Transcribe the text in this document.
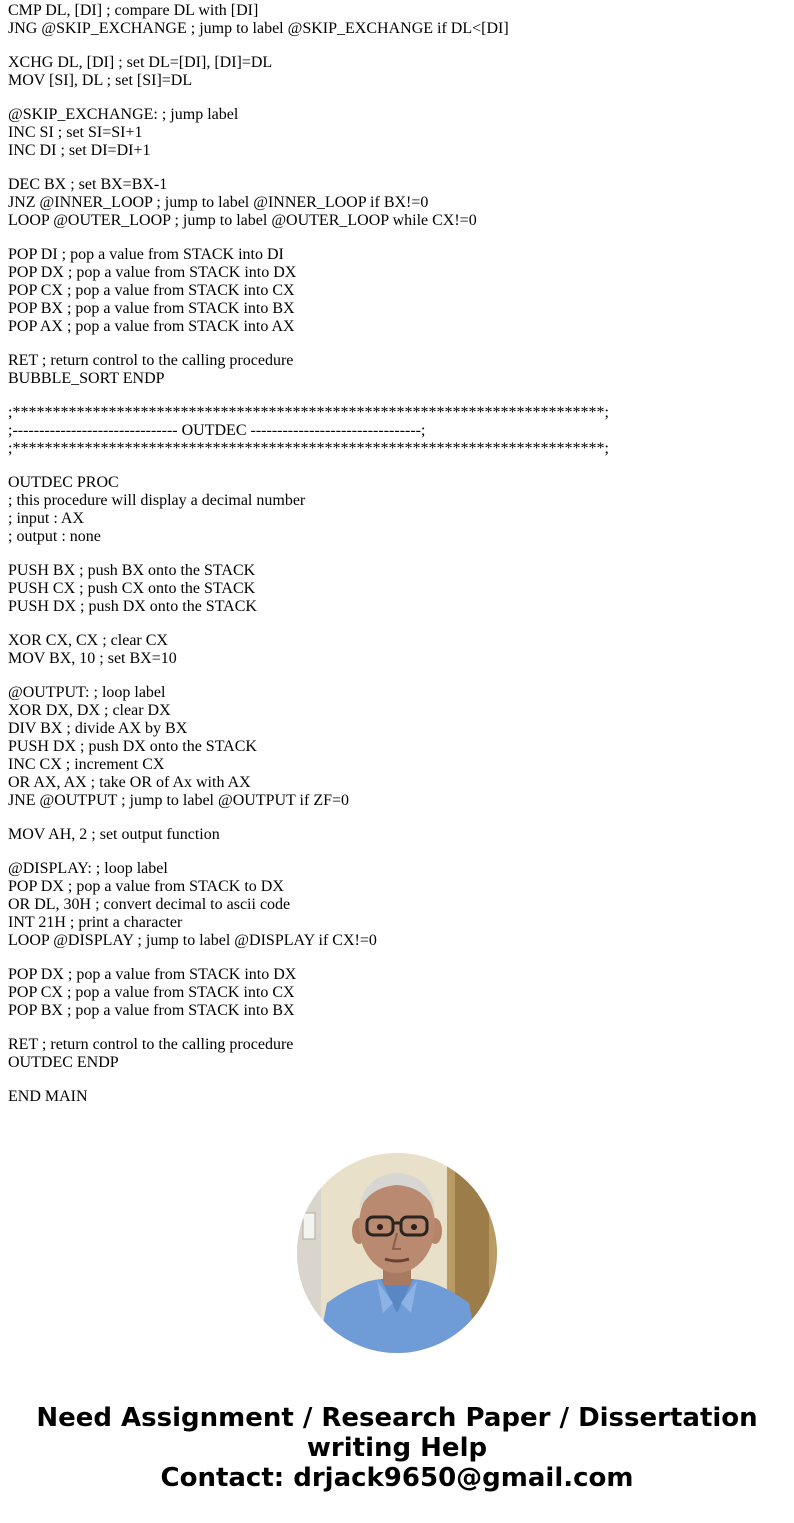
CMP DL, [DI] ; compare DL with [DI]
JNG @SKIP_EXCHANGE ; jump to label @SKIP_EXCHANGE if DL<[DI]
XCHG DL, [DI] ; set DL=[DI], [DI]=DL
MOV [SI], DL ; set [SI]=DL
@SKIP_EXCHANGE: ; jump label
INC SI ; set SI=SI+1
INC DI ; set DI=DI+1
DEC BX ; set BX=BX-1
JNZ @INNER_LOOP ; jump to label @INNER_LOOP if BX!=0
LOOP @OUTER_LOOP ; jump to label @OUTER_LOOP while CX!=0
POP DI ; pop a value from STACK into DI
POP DX ; pop a value from STACK into DX
POP CX ; pop a value from STACK into CX
POP BX ; pop a value from STACK into BX
POP AX ; pop a value from STACK into AX
RET ; return control to the calling procedure
BUBBLE_SORT ENDP
;**************************************************************************;
;------------------------------- OUTDEC --------------------------------;
;**************************************************************************;
OUTDEC PROC
; this procedure will display a decimal number
; input : AX
; output : none
PUSH BX ; push BX onto the STACK
PUSH CX ; push CX onto the STACK
PUSH DX ; push DX onto the STACK
XOR CX, CX ; clear CX
MOV BX, 10 ; set BX=10
@OUTPUT: ; loop label
XOR DX, DX ; clear DX
DIV BX ; divide AX by BX
PUSH DX ; push DX onto the STACK
INC CX ; increment CX
OR AX, AX ; take OR of Ax with AX
JNE @OUTPUT ; jump to label @OUTPUT if ZF=0
MOV AH, 2 ; set output function
@DISPLAY: ; loop label
POP DX ; pop a value from STACK to DX
OR DL, 30H ; convert decimal to ascii code
INT 21H ; print a character
LOOP @DISPLAY ; jump to label @DISPLAY if CX!=0
POP DX ; pop a value from STACK into DX
POP CX ; pop a value from STACK into CX
POP BX ; pop a value from STACK into BX
RET ; return control to the calling procedure
OUTDEC ENDP
END MAIN
Need Assignment / Research Paper / Dissertation
writing Help
Contact: drjack9650@gmail.com
